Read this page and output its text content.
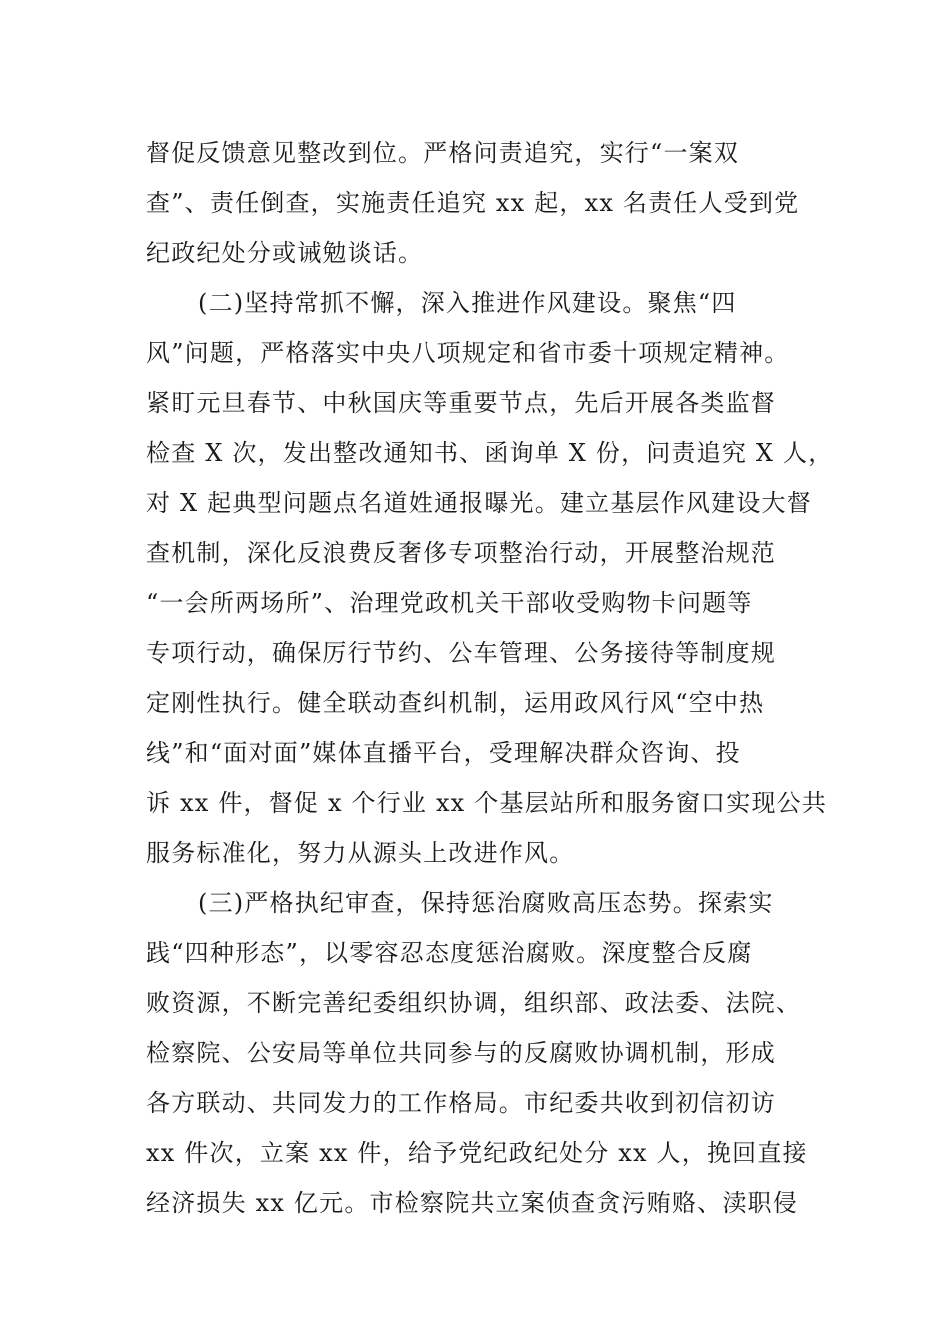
督促反馈意见整改到位。严格问责追究，实行“一案双
查”、责任倒查，实施责任追究 xx 起，xx 名责任人受到党
纪政纪处分或诫勉谈话。
(二)坚持常抓不懈，深入推进作风建设。聚焦“四
风”问题，严格落实中央八项规定和省市委十项规定精神。
紧盯元旦春节、中秋国庆等重要节点，先后开展各类监督
检查 X 次，发出整改通知书、函询单 X 份，问责追究 X 人，
对 X 起典型问题点名道姓通报曝光。建立基层作风建设大督
查机制，深化反浪费反奢侈专项整治行动，开展整治规范
“一会所两场所”、治理党政机关干部收受购物卡问题等
专项行动，确保厉行节约、公车管理、公务接待等制度规
定刚性执行。健全联动查纠机制，运用政风行风“空中热
线”和“面对面”媒体直播平台，受理解决群众咨询、投
诉 xx 件，督促 x 个行业 xx 个基层站所和服务窗口实现公共
服务标准化，努力从源头上改进作风。
(三)严格执纪审查，保持惩治腐败高压态势。探索实
践“四种形态”，以零容忍态度惩治腐败。深度整合反腐
败资源，不断完善纪委组织协调，组织部、政法委、法院、
检察院、公安局等单位共同参与的反腐败协调机制，形成
各方联动、共同发力的工作格局。市纪委共收到初信初访
xx 件次，立案 xx 件，给予党纪政纪处分 xx 人，挽回直接
经济损失 xx 亿元。市检察院共立案侦查贪污贿赂、渎职侵
